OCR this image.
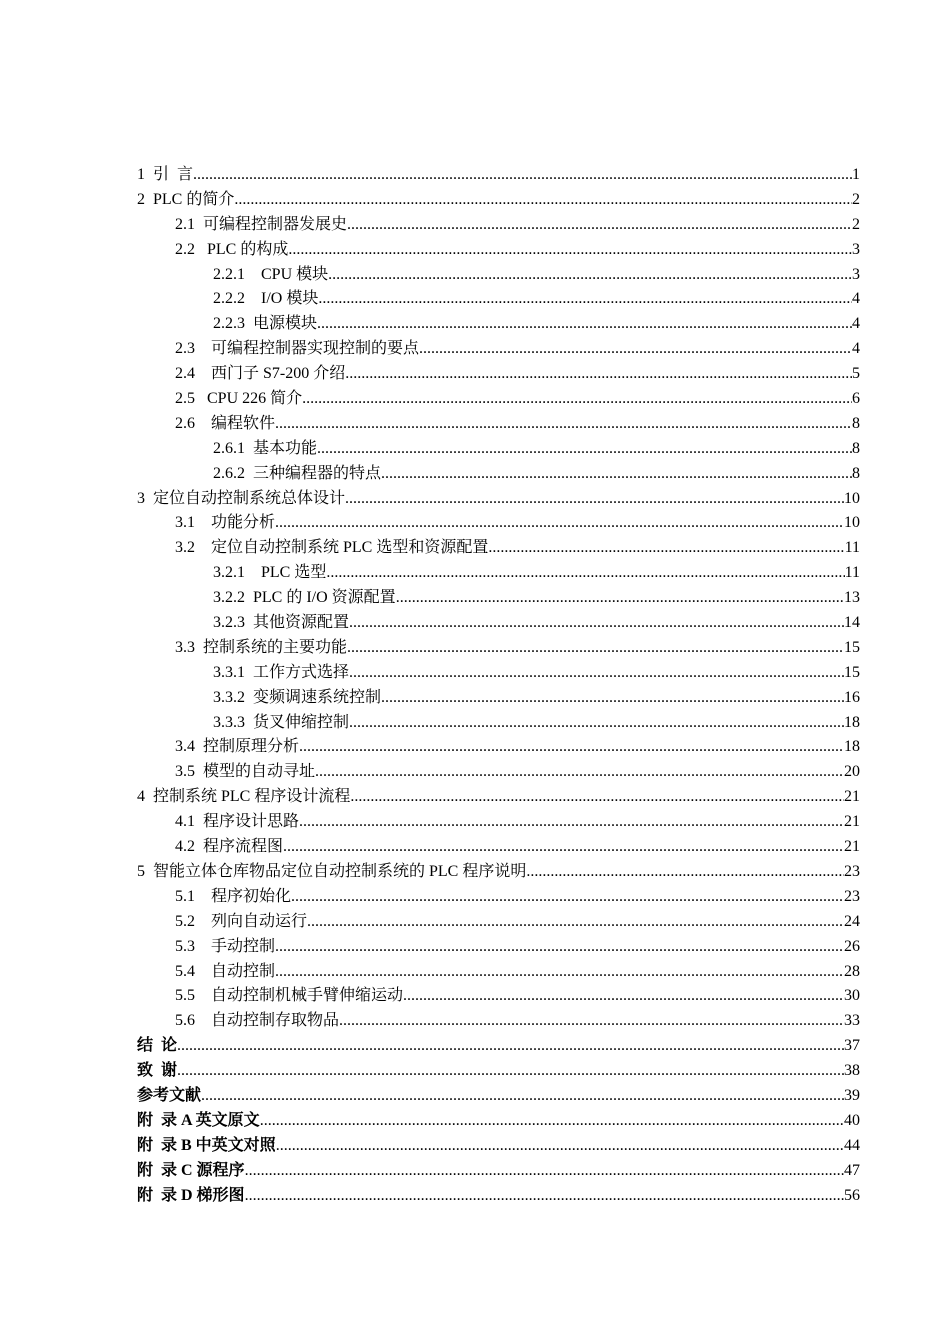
1  引  言 .....	1
2  PLC 的简介 .....	2
2.1  可编程控制器发展史 .....	2
2.2   PLC 的构成 .....	3
2.2.1    CPU 模块 .....	3
2.2.2    I/O 模块 .....	4
2.2.3  电源模块 .....	4
2.3    可编程控制器实现控制的要点 .....	4
2.4    西门子 S7-200 介绍 .....	5
2.5   CPU 226 简介 .....	6
2.6    编程软件 .....	8
2.6.1  基本功能 .....	8
2.6.2  三种编程器的特点 .....	8
3  定位自动控制系统总体设计 .....	10
3.1    功能分析 .....	10
3.2    定位自动控制系统 PLC 选型和资源配置 .....	11
3.2.1    PLC 选型 .....	11
3.2.2  PLC 的 I/O 资源配置 .....	13
3.2.3  其他资源配置 .....	14
3.3  控制系统的主要功能 .....	15
3.3.1  工作方式选择 .....	15
3.3.2  变频调速系统控制 .....	16
3.3.3  货叉伸缩控制 .....	18
3.4  控制原理分析 .....	18
3.5  模型的自动寻址 .....	20
4  控制系统 PLC 程序设计流程 .....	21
4.1  程序设计思路 .....	21
4.2  程序流程图 .....	21
5  智能立体仓库物品定位自动控制系统的 PLC 程序说明 .....	23
5.1    程序初始化 .....	23
5.2    列向自动运行 .....	24
5.3    手动控制 .....	26
5.4    自动控制 .....	28
5.5    自动控制机械手臂伸缩运动 .....	30
5.6    自动控制存取物品 .....	33
结  论 .....	37
致  谢 .....	38
参考文献 .....	39
附  录 A 英文原文 .....	40
附  录 B 中英文对照 .....	44
附  录 C 源程序 .....	47
附  录 D 梯形图 .....	56
